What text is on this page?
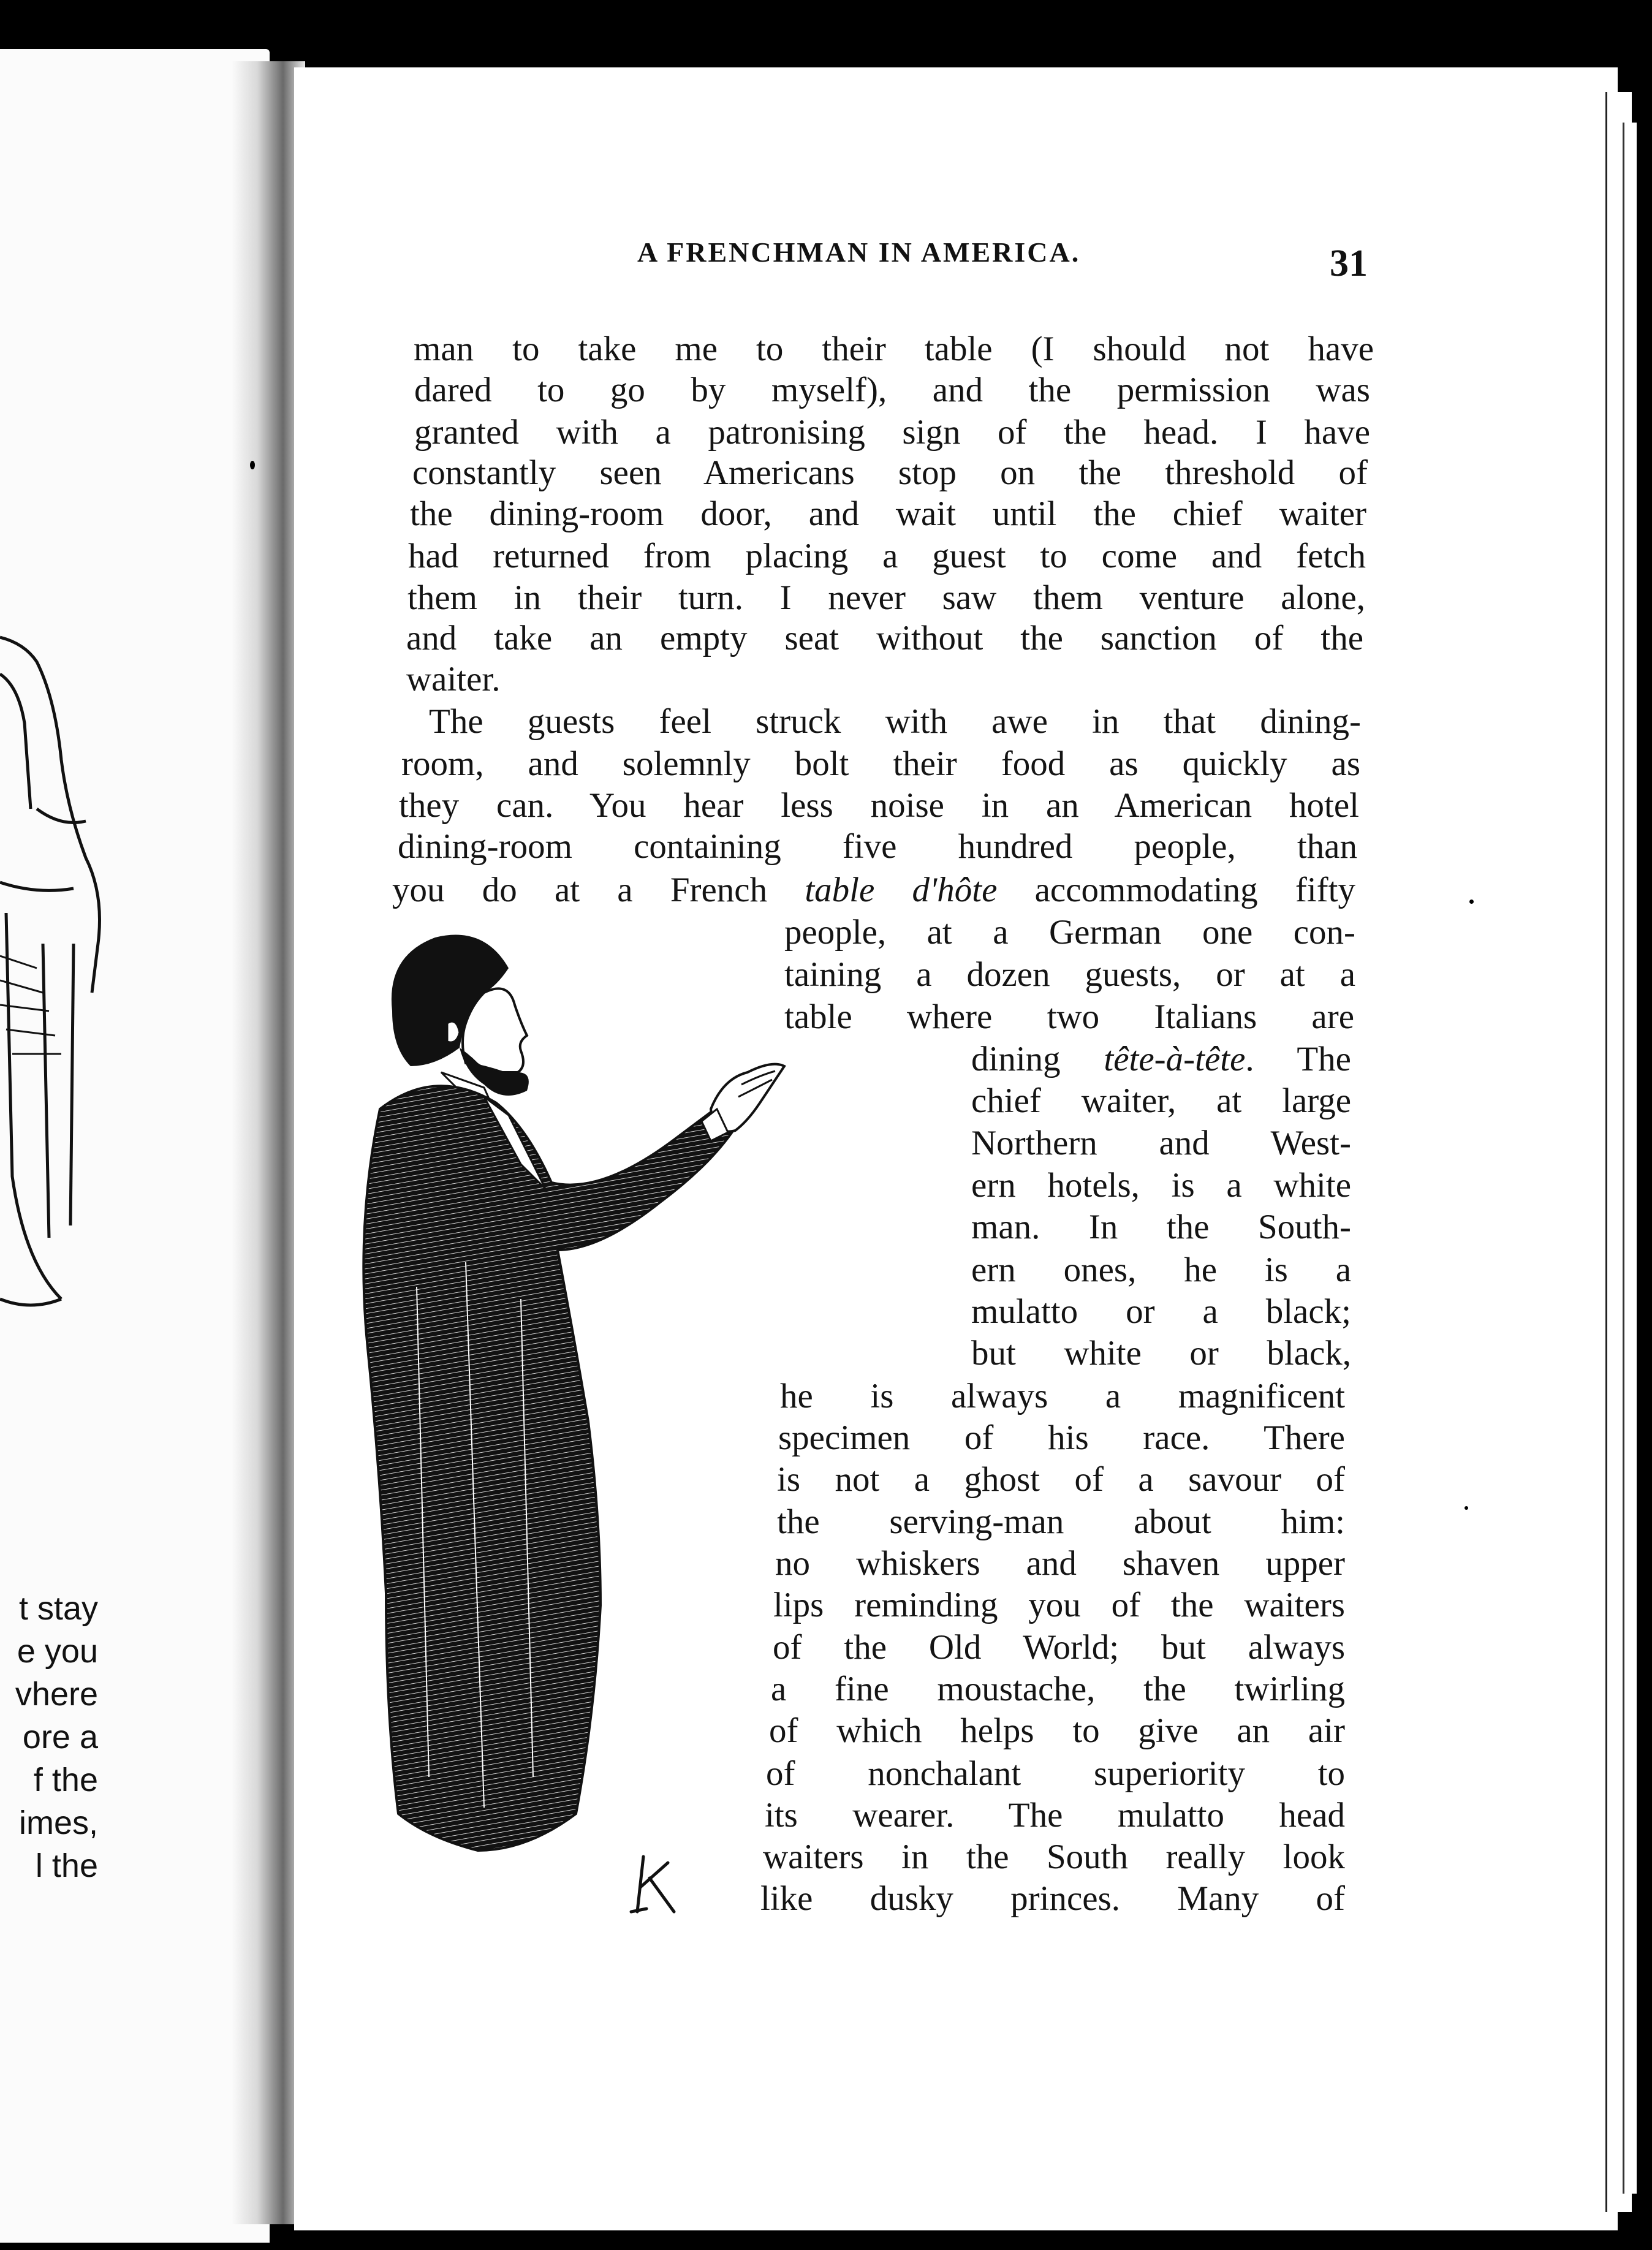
t stay
e you
vhere
ore a
f the
imes,
l the
A FRENCHMAN IN AMERICA.	31
man to take me to their table (I should not have
dared to go by myself), and the permission was
granted with a patronising sign of the head. I have
constantly seen Americans stop on the threshold of
the dining-room door, and wait until the chief waiter
had returned from placing a guest to come and fetch
them in their turn. I never saw them venture alone,
and take an empty seat without the sanction of the
waiter.
The guests feel struck with awe in that dining-
room, and solemnly bolt their food as quickly as
they can. You hear less noise in an American hotel
dining-room containing five hundred people, than
you do at a French table d'hôte accommodating fifty
people, at a German one con-
taining a dozen guests, or at a
table where two Italians are
dining tête-à-tête. The
chief waiter, at large
Northern and West-
ern hotels, is a white
man. In the South-
ern ones, he is a
mulatto or a black;
but white or black,
he is always a magnificent
specimen of his race. There
is not a ghost of a savour of
the serving-man about him:
no whiskers and shaven upper
lips reminding you of the waiters
of the Old World; but always
a fine moustache, the twirling
of which helps to give an air
of nonchalant superiority to
its wearer. The mulatto head
waiters in the South really look
like dusky princes. Many of
